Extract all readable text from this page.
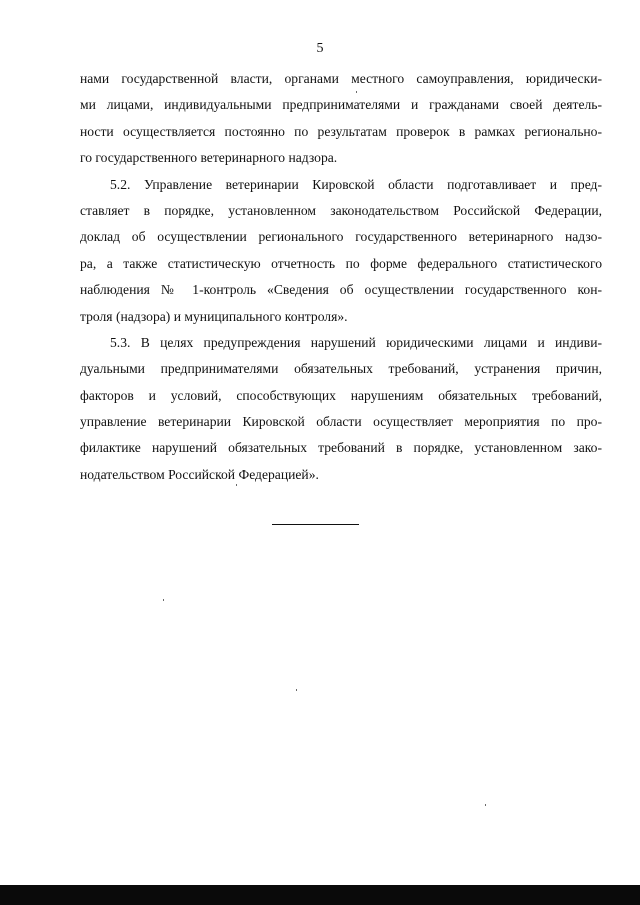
5
нами государственной власти, органами местного самоуправления, юридически-
ми лицами, индивидуальными предпринимателями и гражданами своей деятель-
ности осуществляется постоянно по результатам проверок в рамках регионально-
го государственного ветеринарного надзора.
5.2. Управление ветеринарии Кировской области подготавливает и пред-
ставляет в порядке, установленном законодательством Российской Федерации,
доклад об осуществлении регионального государственного ветеринарного надзо-
ра, а также статистическую отчетность по форме федерального статистического
наблюдения № 1-контроль «Сведения об осуществлении государственного кон-
троля (надзора) и муниципального контроля».
5.3. В целях предупреждения нарушений юридическими лицами и индиви-
дуальными предпринимателями обязательных требований, устранения причин,
факторов и условий, способствующих нарушениям обязательных требований,
управление ветеринарии Кировской области осуществляет мероприятия по про-
филактике нарушений обязательных требований в порядке, установленном зако-
нодательством Российской Федерацией».
